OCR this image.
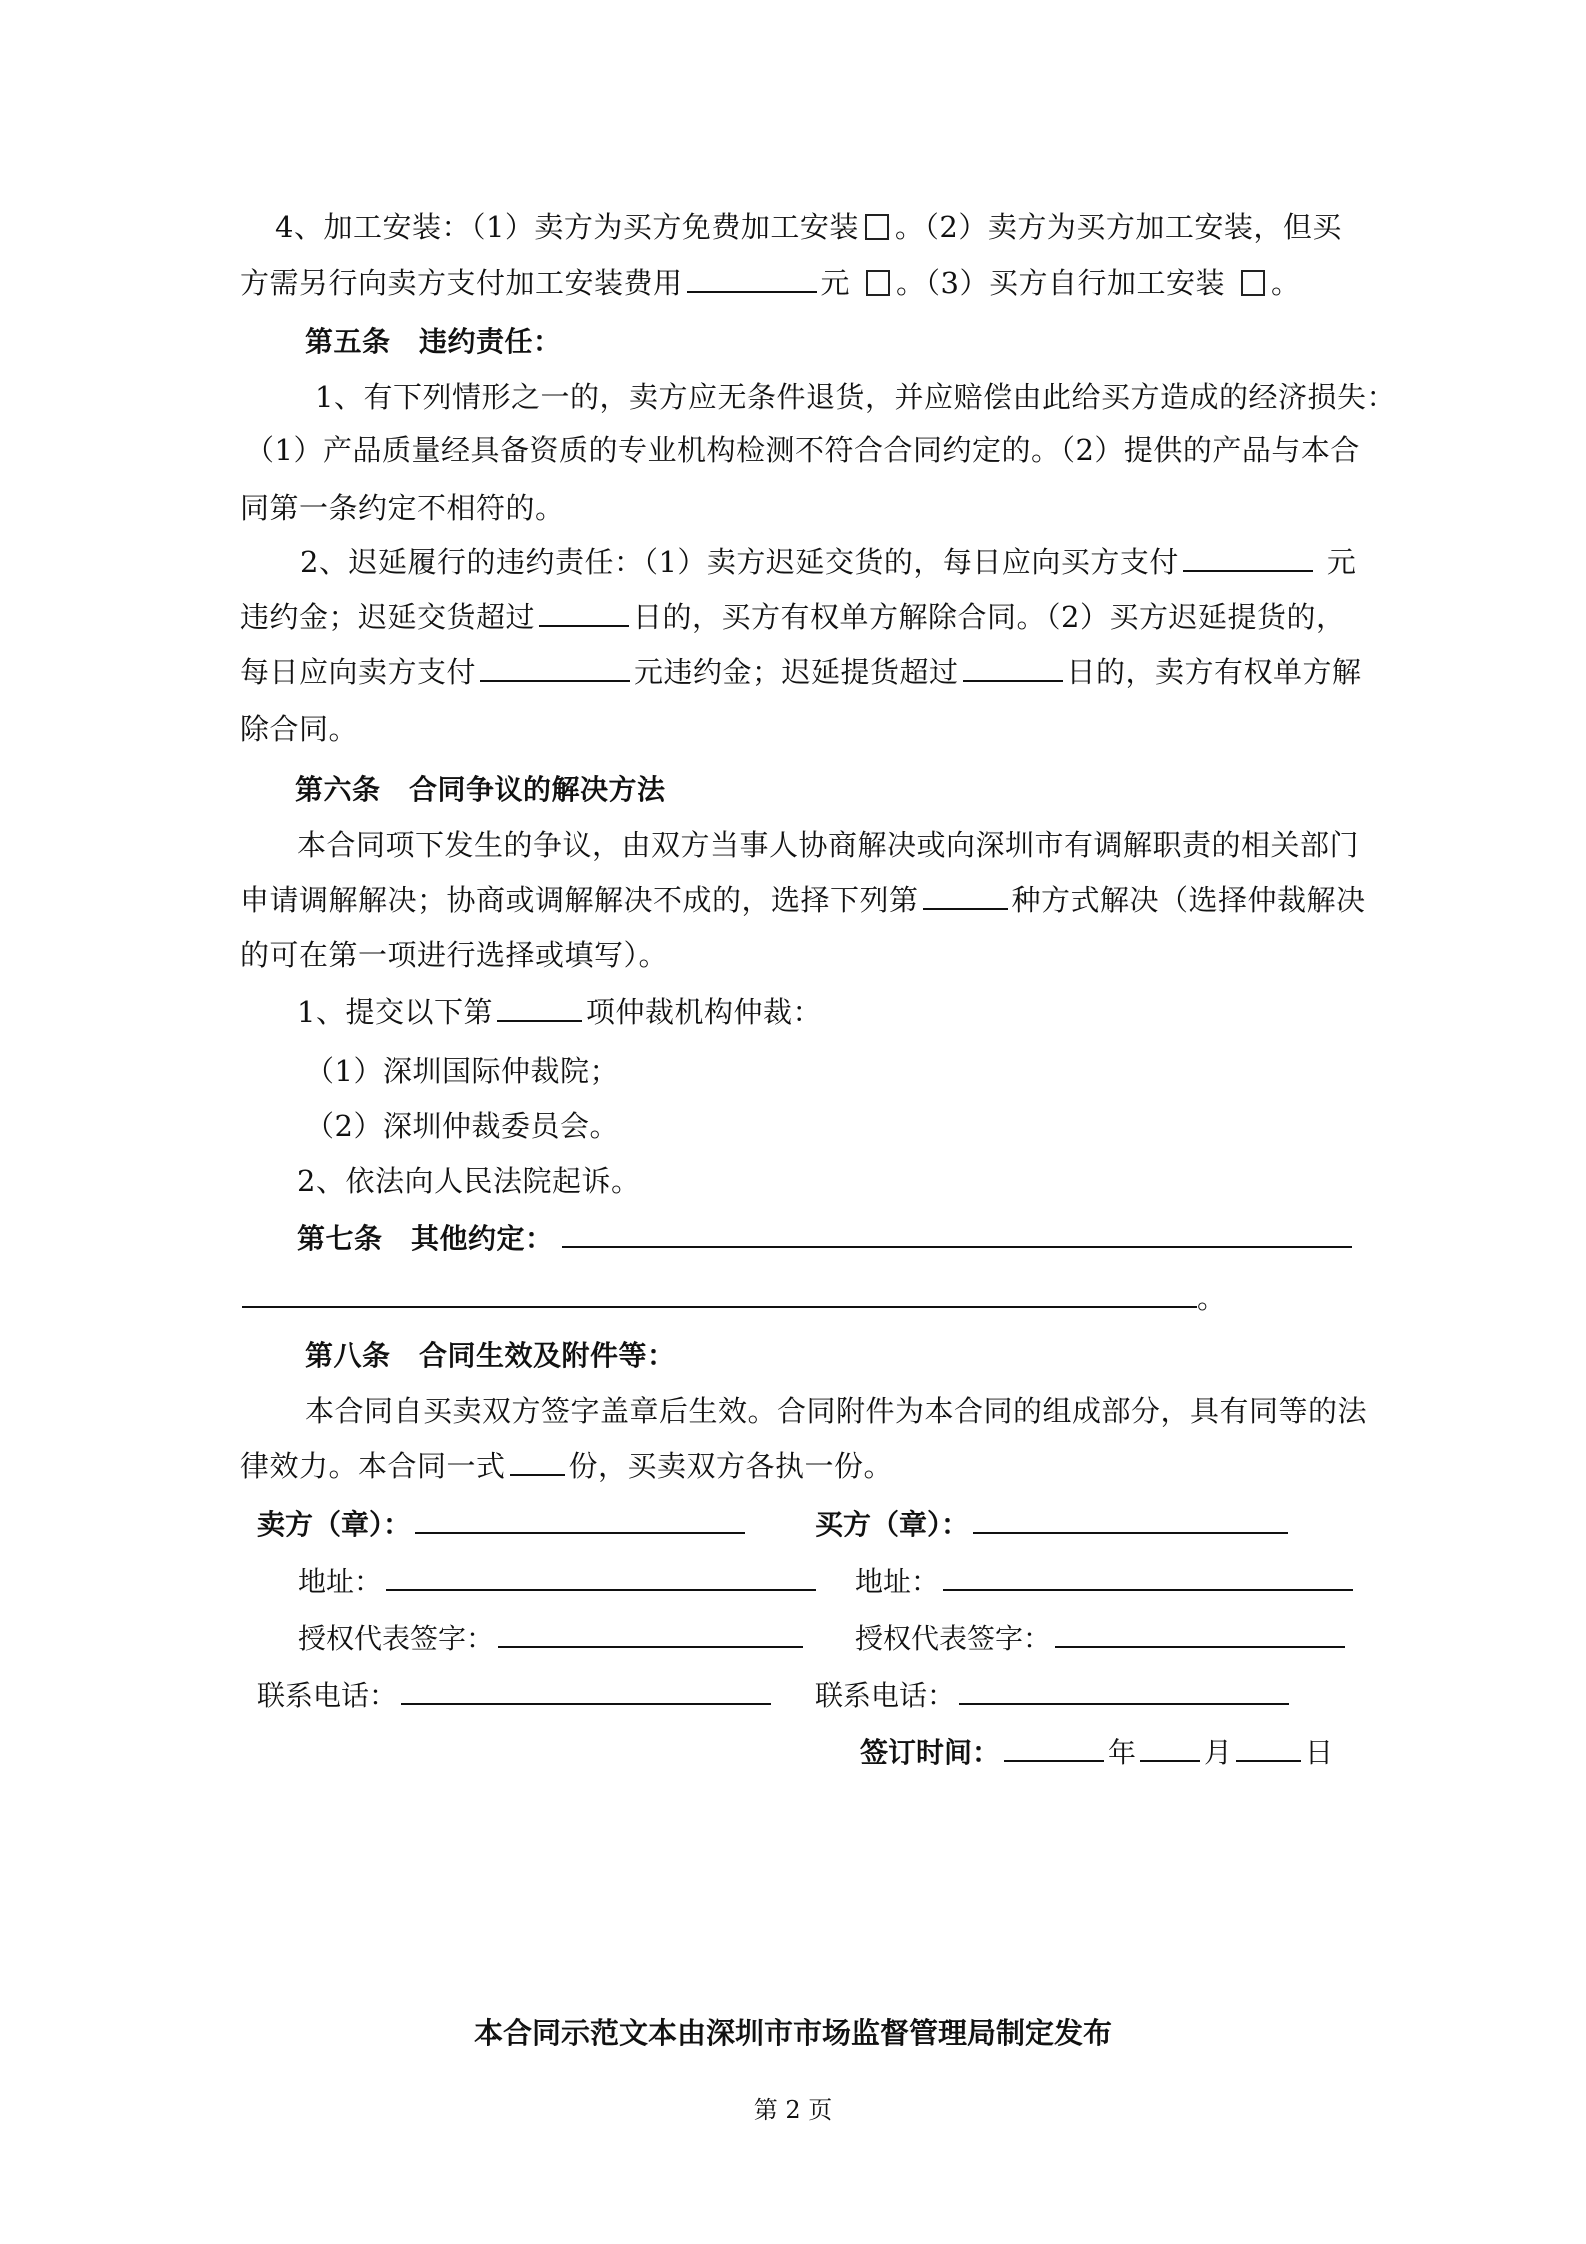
4、加工安装：（1）卖方为买方免费加工安装 。（2）卖方为买方加工安装，但买
方需另行向卖方支付加工安装费用	元 。（3）买方自行加工安装 。
第五条　违约责任：
1、有下列情形之一的，卖方应无条件退货，并应赔偿由此给买方造成的经济损失：
（1）产品质量经具备资质的专业机构检测不符合合同约定的。（2）提供的产品与本合
同第一条约定不相符的。
2、迟延履行的违约责任：（1）卖方迟延交货的，每日应向买方支付	元
违约金；迟延交货超过	日的，买方有权单方解除合同。（2）买方迟延提货的，
每日应向卖方支付	元违约金；迟延提货超过	日的，卖方有权单方解
除合同。
第六条　合同争议的解决方法
本合同项下发生的争议，由双方当事人协商解决或向深圳市有调解职责的相关部门
申请调解解决；协商或调解解决不成的，选择下列第	种方式解决（选择仲裁解决
的可在第一项进行选择或填写）。
1、提交以下第	项仲裁机构仲裁：
（1）深圳国际仲裁院；
（2）深圳仲裁委员会。
2、依法向人民法院起诉。
第七条　其他约定：
。
第八条　合同生效及附件等：
本合同自买卖双方签字盖章后生效。合同附件为本合同的组成部分，具有同等的法
律效力。本合同一式 份，买卖双方各执一份。
卖方（章）：	买方（章）：
地址：	地址：
授权代表签字：	授权代表签字：
联系电话：	联系电话：
签订时间：	年 月	日
本合同示范文本由深圳市市场监督管理局制定发布
第 2 页
